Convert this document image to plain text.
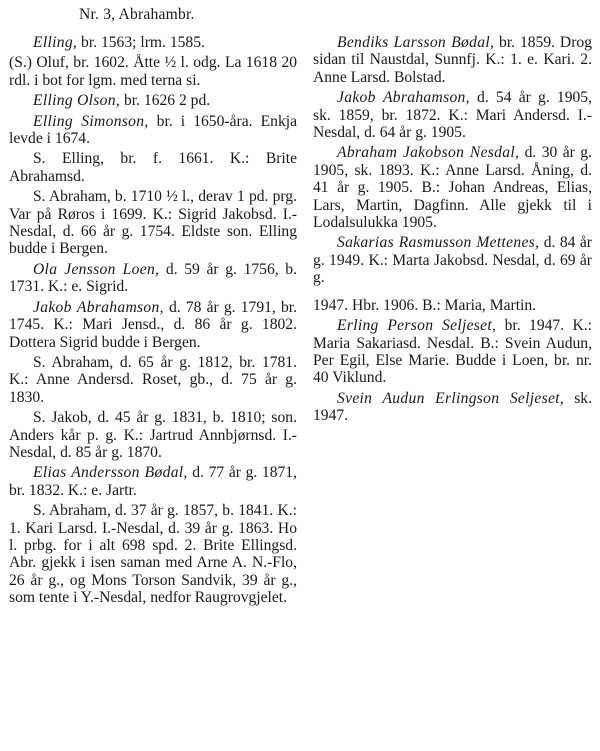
Nr. 3, Abrahambr.

Elling, br. 1563; lrm. 1585.

(S.) Oluf, br. 1602. Åtte ½ l. odg. La 1618 20 rdl. i bot for lgm. med terna si.

Elling Olson, br. 1626 2 pd.

Elling Simonson, br. i 1650-åra. Enkja levde i 1674.

S. Elling, br. f. 1661. K.: Brite Abrahamsd.

S. Abraham, b. 1710 ½ l., derav 1 pd. prg. Var på Røros i 1699. K.: Sigrid Jakobsd. I.-Nesdal, d. 66 år g. 1754. Eldste son. Elling budde i Bergen.

Ola Jensson Loen, d. 59 år g. 1756, b. 1731. K.: e. Sigrid.

Jakob Abrahamson, d. 78 år g. 1791, br. 1745. K.: Mari Jensd., d. 86 år g. 1802. Dottera Sigrid budde i Bergen.

S. Abraham, d. 65 år g. 1812, br. 1781. K.: Anne Andersd. Roset, gb., d. 75 år g. 1830.

S. Jakob, d. 45 år g. 1831, b. 1810; son. Anders kår p. g. K.: Jartrud Annbjørnsd. I.-Nesdal, d. 85 år g. 1870.

Elias Andersson Bødal, d. 77 år g. 1871, br. 1832. K.: e. Jartr.

S. Abraham, d. 37 år g. 1857, b. 1841. K.: 1. Kari Larsd. I.-Nesdal, d. 39 år g. 1863. Ho l. prbg. for i alt 698 spd. 2. Brite Ellingsd. Abr. gjekk i isen saman med Arne A. N.-Flo, 26 år g., og Mons Torson Sandvik, 39 år g., som tente i Y.-Nesdal, nedfor Raugrovgjelet.

Bendiks Larsson Bødal, br. 1859. Drog sidan til Naustdal, Sunnfj. K.: 1. e. Kari. 2. Anne Larsd. Bolstad.

Jakob Abrahamson, d. 54 år g. 1905, sk. 1859, br. 1872. K.: Mari Andersd. I.-Nesdal, d. 64 år g. 1905.

Abraham Jakobson Nesdal, d. 30 år g. 1905, sk. 1893. K.: Anne Larsd. Åning, d. 41 år g. 1905. B.: Johan Andreas, Elias, Lars, Martin, Dagfinn. Alle gjekk til i Lodalsulukka 1905.

Sakarias Rasmusson Mettenes, d. 84 år g. 1949. K.: Marta Jakobsd. Nesdal, d. 69 år g.

1947. Hbr. 1906. B.: Maria, Martin.

Erling Person Seljeset, br. 1947. K.: Maria Sakariasd. Nesdal. B.: Svein Audun, Per Egil, Else Marie. Budde i Loen, br. nr. 40 Viklund.

Svein Audun Erlingson Seljeset, sk. 1947.
